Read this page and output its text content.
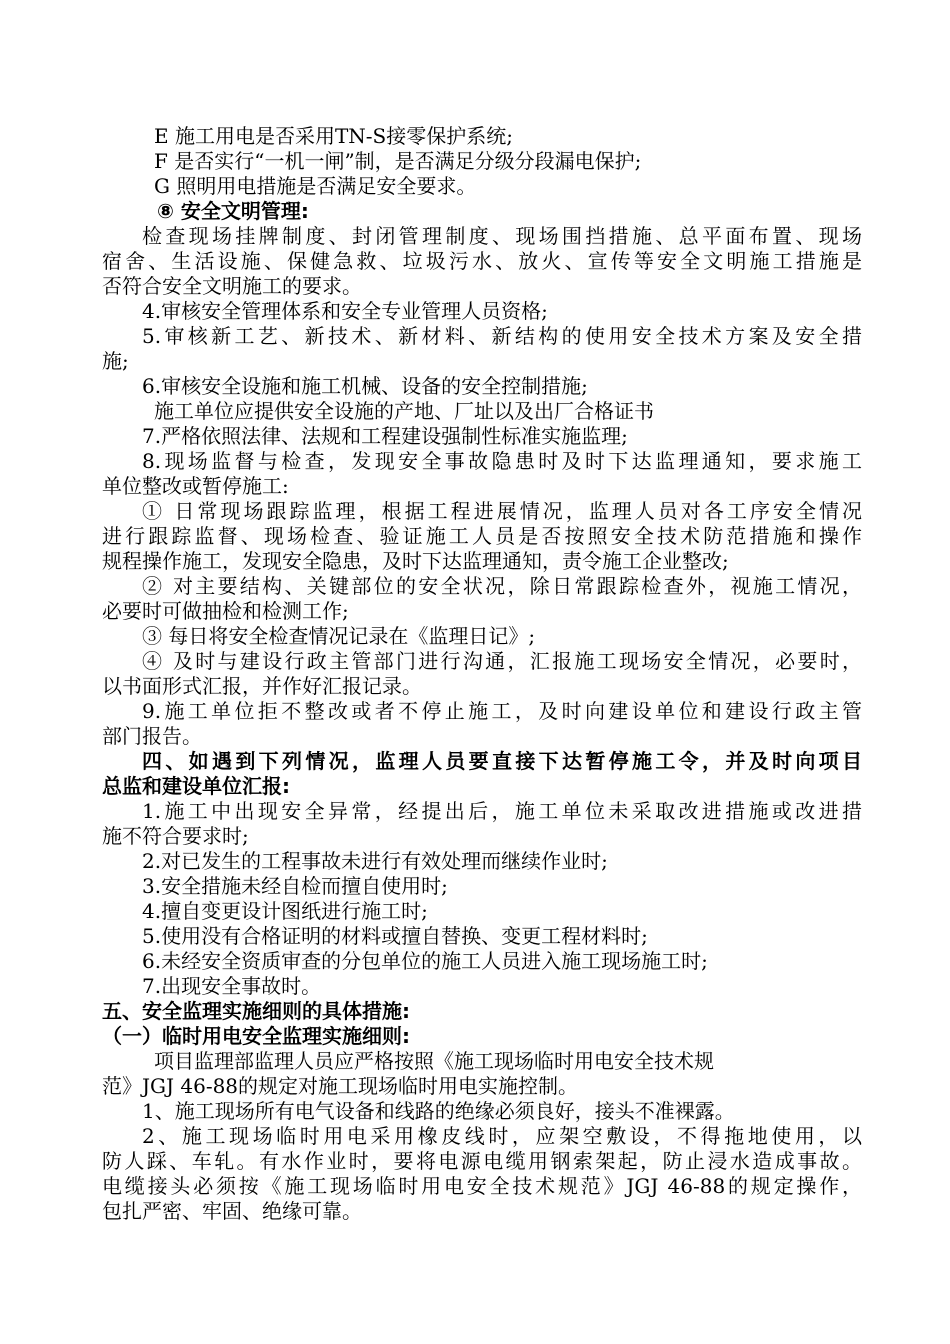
E 施工用电是否采用TN-S接零保护系统;
F 是否实行“一机一闸”制，是否满足分级分段漏电保护;
G 照明用电措施是否满足安全要求。
⑧ 安全文明管理:
检查现场挂牌制度、封闭管理制度、现场围挡措施、总平面布置、现场
宿舍、生活设施、保健急救、垃圾污水、放火、宣传等安全文明施工措施是
否符合安全文明施工的要求。
4.审核安全管理体系和安全专业管理人员资格;
5.审核新工艺、新技术、新材料、新结构的使用安全技术方案及安全措
施;
6.审核安全设施和施工机械、设备的安全控制措施;
施工单位应提供安全设施的产地、厂址以及出厂合格证书
7.严格依照法律、法规和工程建设强制性标准实施监理;
8.现场监督与检查，发现安全事故隐患时及时下达监理通知，要求施工
单位整改或暂停施工:
① 日常现场跟踪监理，根据工程进展情况，监理人员对各工序安全情况
进行跟踪监督、现场检查、验证施工人员是否按照安全技术防范措施和操作
规程操作施工，发现安全隐患，及时下达监理通知，责令施工企业整改;
② 对主要结构、关键部位的安全状况，除日常跟踪检查外，视施工情况，
必要时可做抽检和检测工作;
③ 每日将安全检查情况记录在《监理日记》;
④ 及时与建设行政主管部门进行沟通，汇报施工现场安全情况，必要时，
以书面形式汇报，并作好汇报记录。
9.施工单位拒不整改或者不停止施工，及时向建设单位和建设行政主管
部门报告。
四、如遇到下列情况，监理人员要直接下达暂停施工令，并及时向项目
总监和建设单位汇报:
1.施工中出现安全异常，经提出后，施工单位未采取改进措施或改进措
施不符合要求时;
2.对已发生的工程事故未进行有效处理而继续作业时;
3.安全措施未经自检而擅自使用时;
4.擅自变更设计图纸进行施工时;
5.使用没有合格证明的材料或擅自替换、变更工程材料时;
6.未经安全资质审查的分包单位的施工人员进入施工现场施工时;
7.出现安全事故时。
五、安全监理实施细则的具体措施:
（一）临时用电安全监理实施细则:
项目监理部监理人员应严格按照《施工现场临时用电安全技术规
范》JGJ 46-88的规定对施工现场临时用电实施控制。
1、施工现场所有电气设备和线路的绝缘必须良好，接头不准裸露。
2、施工现场临时用电采用橡皮线时，应架空敷设，不得拖地使用，以
防人踩、车轧。有水作业时，要将电源电缆用钢索架起，防止浸水造成事故。
电缆接头必须按《施工现场临时用电安全技术规范》JGJ 46-88的规定操作，
包扎严密、牢固、绝缘可靠。
